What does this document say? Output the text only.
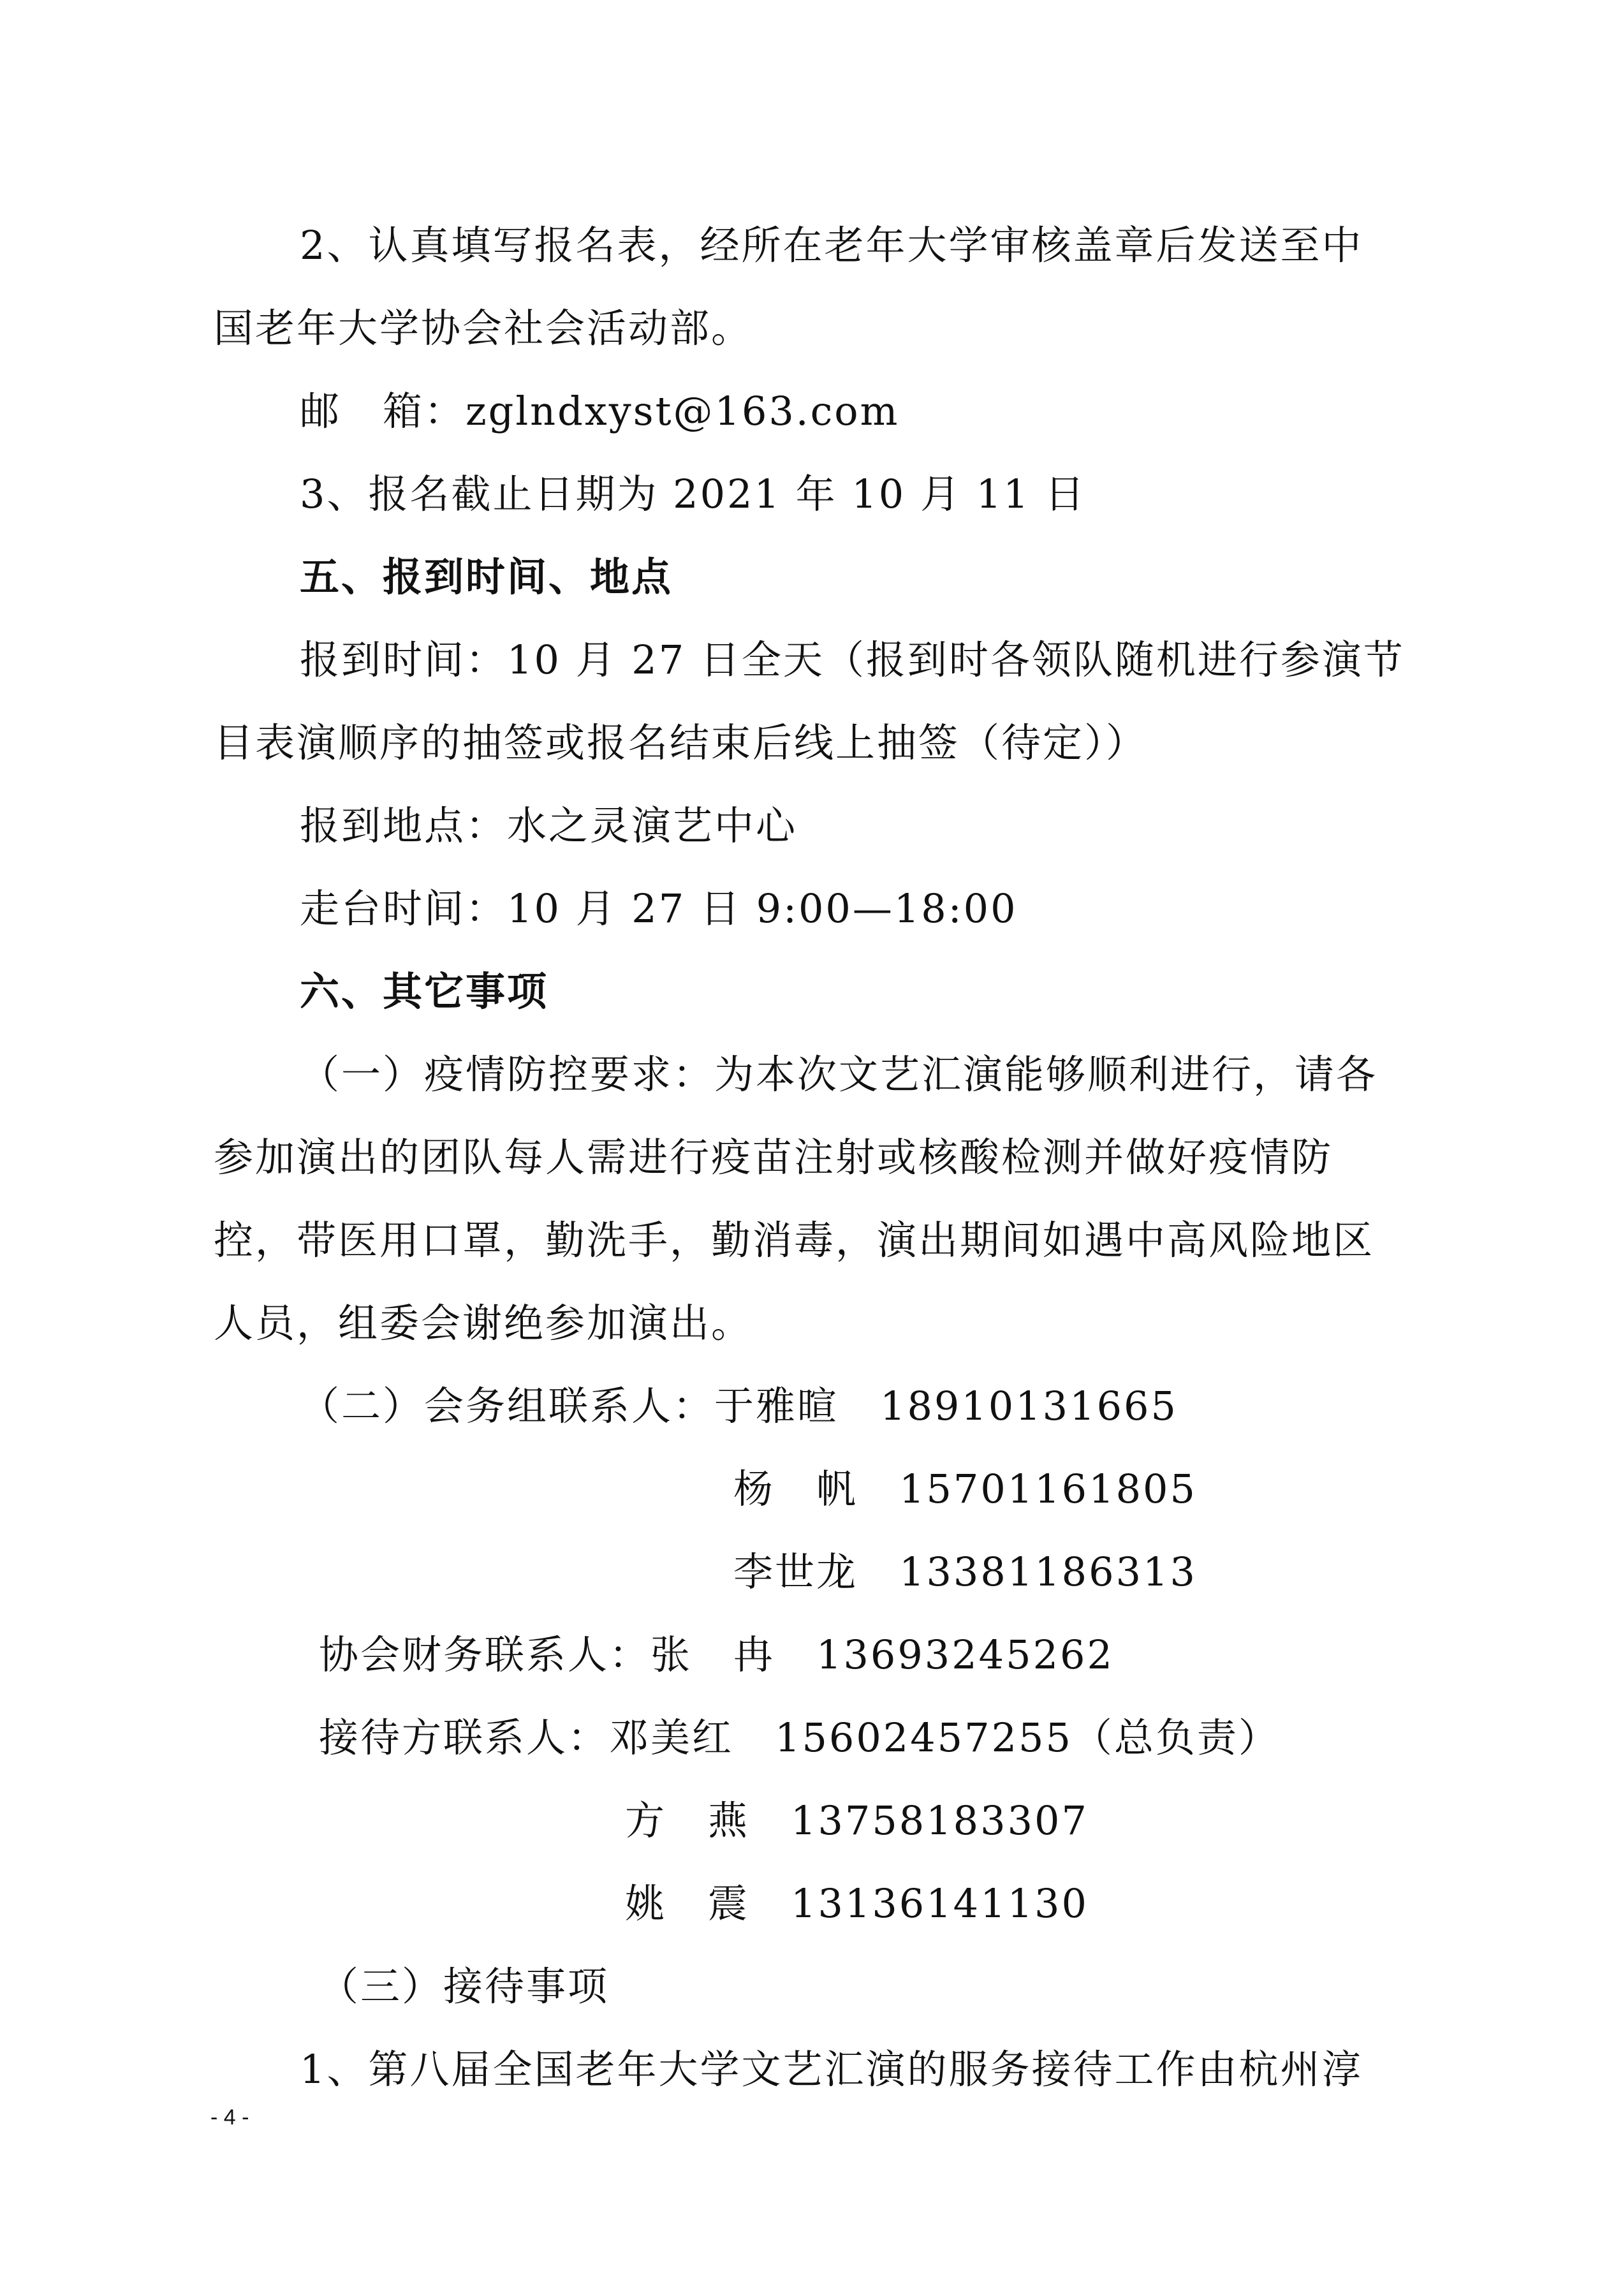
2、认真填写报名表，经所在老年大学审核盖章后发送至中
国老年大学协会社会活动部。
邮　箱：zglndxyst@163.com
3、报名截止日期为 2021 年 10 月 11 日
五、报到时间、地点
报到时间：10 月 27 日全天（报到时各领队随机进行参演节
目表演顺序的抽签或报名结束后线上抽签（待定））
报到地点：水之灵演艺中心
走台时间：10 月 27 日 9:00—18:00
六、其它事项
（一）疫情防控要求：为本次文艺汇演能够顺利进行，请各
参加演出的团队每人需进行疫苗注射或核酸检测并做好疫情防
控，带医用口罩，勤洗手，勤消毒，演出期间如遇中高风险地区
人员，组委会谢绝参加演出。
（二）会务组联系人：于雅暄　18910131665
杨　帆　15701161805
李世龙　13381186313
协会财务联系人：张　冉　13693245262
接待方联系人：邓美红　15602457255（总负责）
方　燕　13758183307
姚　震　13136141130
（三）接待事项
1、第八届全国老年大学文艺汇演的服务接待工作由杭州淳
- 4 -
